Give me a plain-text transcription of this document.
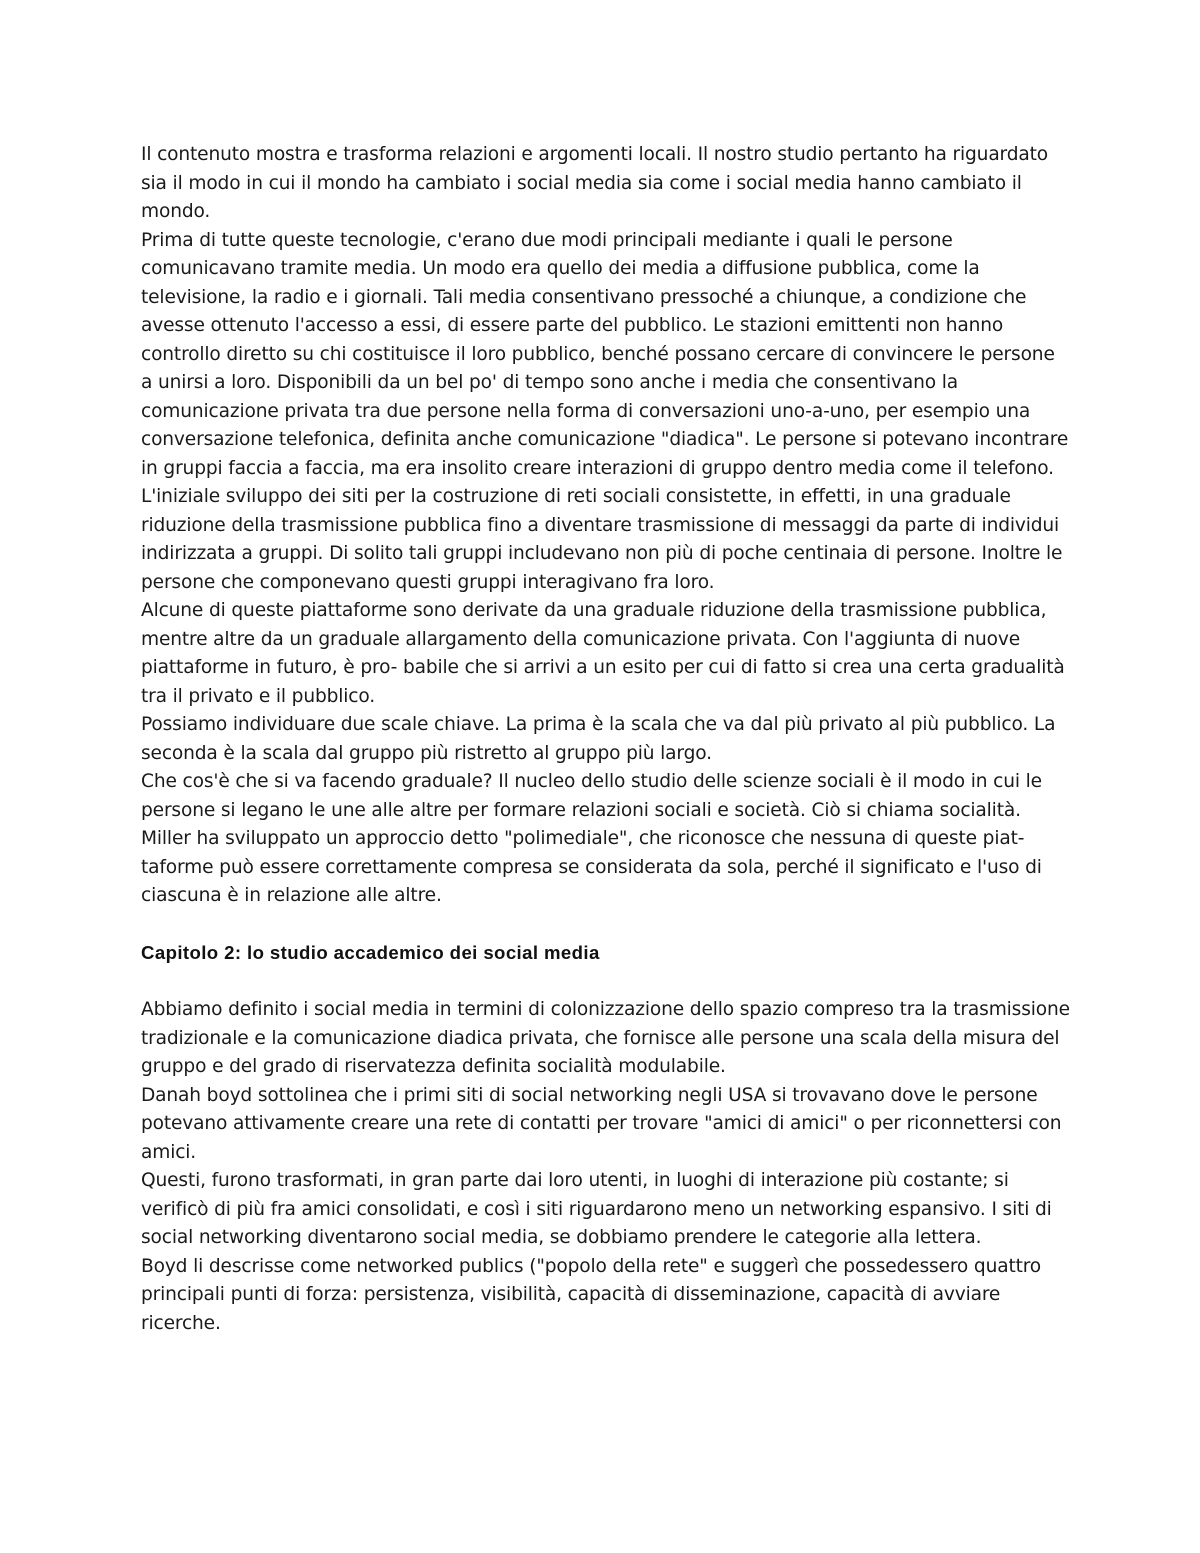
Il contenuto mostra e trasforma relazioni e argomenti locali. Il nostro studio pertanto ha riguardato sia il modo in cui il mondo ha cambiato i social media sia come i social media hanno cambiato il mondo.

Prima di tutte queste tecnologie, c'erano due modi principali mediante i quali le persone comunicavano tramite media. Un modo era quello dei media a diffusione pubblica, come la televisione, la radio e i giornali. Tali media consentivano pressoché a chiunque, a condizione che avesse ottenuto l'accesso a essi, di essere parte del pubblico. Le stazioni emittenti non hanno controllo diretto su chi costituisce il loro pubblico, benché possano cercare di convincere le persone a unirsi a loro. Disponibili da un bel po' di tempo sono anche i media che consentivano la comunicazione privata tra due persone nella forma di conversazioni uno-a-uno, per esempio una conversazione telefonica, definita anche comunicazione "diadica". Le persone si potevano incontrare in gruppi faccia a faccia, ma era insolito creare interazioni di gruppo dentro media come il telefono.

L'iniziale sviluppo dei siti per la costruzione di reti sociali consistette, in effetti, in una graduale riduzione della trasmissione pubblica fino a diventare trasmissione di messaggi da parte di individui indirizzata a gruppi. Di solito tali gruppi includevano non più di poche centinaia di persone. Inoltre le persone che componevano questi gruppi interagivano fra loro.

Alcune di queste piattaforme sono derivate da una graduale riduzione della trasmissione pubblica, mentre altre da un graduale allargamento della comunicazione privata. Con l'aggiunta di nuove piattaforme in futuro, è pro- babile che si arrivi a un esito per cui di fatto si crea una certa gradualità tra il privato e il pubblico.

Possiamo individuare due scale chiave. La prima è la scala che va dal più privato al più pubblico. La seconda è la scala dal gruppo più ristretto al gruppo più largo.

Che cos'è che si va facendo graduale? Il nucleo dello studio delle scienze sociali è il modo in cui le persone si legano le une alle altre per formare relazioni sociali e società. Ciò si chiama socialità.

Miller ha sviluppato un approccio detto "polimediale", che riconosce che nessuna di queste piat- taforme può essere correttamente compresa se considerata da sola, perché il significato e l'uso di ciascuna è in relazione alle altre.

Capitolo 2: lo studio accademico dei social media

Abbiamo definito i social media in termini di colonizzazione dello spazio compreso tra la trasmissione tradizionale e la comunicazione diadica privata, che fornisce alle persone una scala della misura del gruppo e del grado di riservatezza definita socialità modulabile.

Danah boyd sottolinea che i primi siti di social networking negli USA si trovavano dove le persone potevano attivamente creare una rete di contatti per trovare "amici di amici" o per riconnettersi con amici.

Questi, furono trasformati, in gran parte dai loro utenti, in luoghi di interazione più costante; si verificò di più fra amici consolidati, e così i siti riguardarono meno un networking espansivo. I siti di social networking diventarono social media, se dobbiamo prendere le categorie alla lettera.

Boyd li descrisse come networked publics ("popolo della rete" e suggerì che possedessero quattro principali punti di forza: persistenza, visibilità, capacità di disseminazione, capacità di avviare ricerche.
